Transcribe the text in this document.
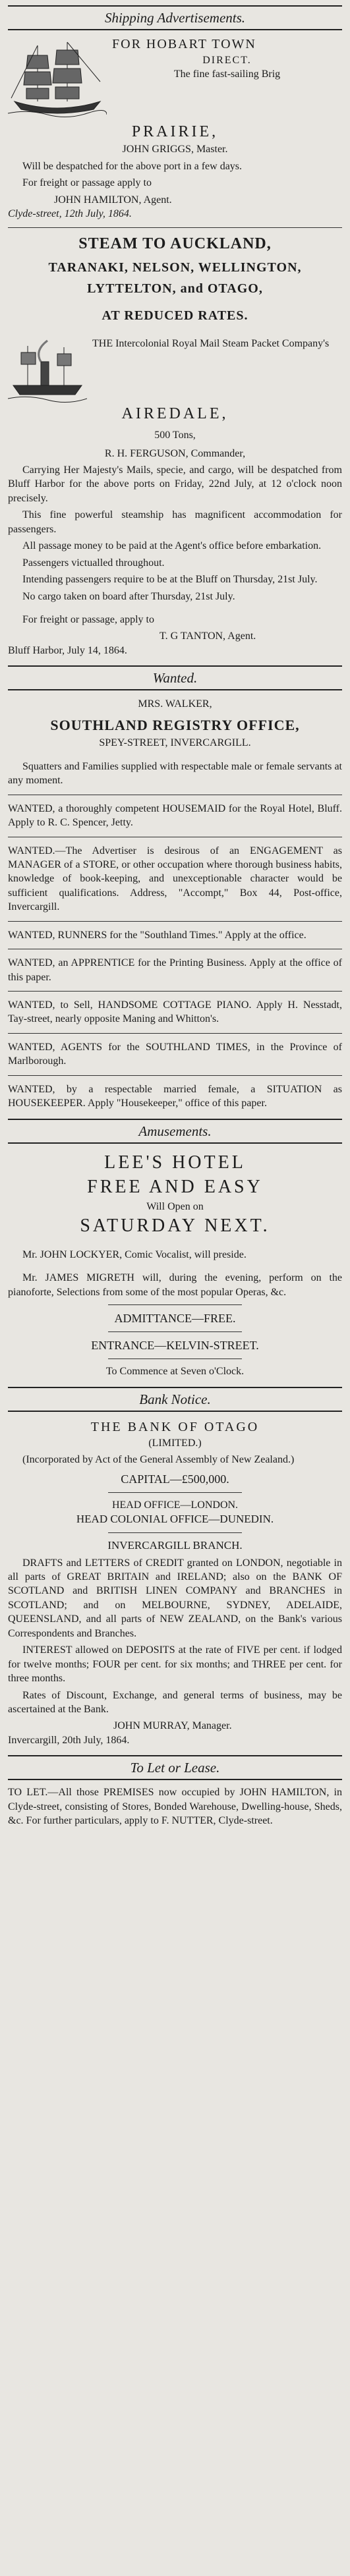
Shipping Advertisements.
FOR HOBART TOWN
DIRECT.
The fine fast-sailing Brig
PRAIRIE,
JOHN GRIGGS, Master.
Will be despatched for the above port in a few days.
For freight or passage apply to
JOHN HAMILTON, Agent.
Clyde-street, 12th July, 1864.
STEAM TO AUCKLAND,
TARANAKI, NELSON, WELLINGTON,
LYTTELTON, and OTAGO,
AT REDUCED RATES.
THE Intercolonial Royal Mail Steam Packet Company's
AIREDALE,
500 Tons,
R. H. FERGUSON, Commander,
Carrying Her Majesty's Mails, specie, and cargo, will be despatched from Bluff Harbor for the above ports on Friday, 22nd July, at 12 o'clock noon precisely.
This fine powerful steamship has magnificent accommodation for passengers.
All passage money to be paid at the Agent's office before embarkation.
Passengers victualled throughout.
Intending passengers require to be at the Bluff on Thursday, 21st July.
No cargo taken on board after Thursday, 21st July.
For freight or passage, apply to
T. G TANTON, Agent.
Bluff Harbor, July 14, 1864.
Wanted.
MRS. WALKER,
SOUTHLAND REGISTRY OFFICE,
SPEY-STREET, INVERCARGILL.
Squatters and Families supplied with respectable male or female servants at any moment.
WANTED, a thoroughly competent HOUSEMAID for the Royal Hotel, Bluff. Apply to R. C. Spencer, Jetty.
WANTED.—The Advertiser is desirous of an ENGAGEMENT as MANAGER of a STORE, or other occupation where thorough business habits, knowledge of book-keeping, and unexceptionable character would be sufficient qualifications. Address, "Accompt," Box 44, Post-office, Invercargill.
WANTED, RUNNERS for the "Southland Times." Apply at the office.
WANTED, an APPRENTICE for the Printing Business. Apply at the office of this paper.
WANTED, to Sell, HANDSOME COTTAGE PIANO. Apply H. Nesstadt, Tay-street, nearly opposite Maning and Whitton's.
WANTED, AGENTS for the SOUTHLAND TIMES, in the Province of Marlborough.
WANTED, by a respectable married female, a SITUATION as HOUSEKEEPER. Apply "Housekeeper," office of this paper.
Amusements.
LEE'S HOTEL
FREE AND EASY
Will Open on
SATURDAY NEXT.
Mr. JOHN LOCKYER, Comic Vocalist, will preside.
Mr. JAMES MIGRETH will, during the evening, perform on the pianoforte, Selections from some of the most popular Operas, &c.
ADMITTANCE—FREE.
ENTRANCE—KELVIN-STREET.
To Commence at Seven o'Clock.
Bank Notice.
THE BANK OF OTAGO
(LIMITED.)
(Incorporated by Act of the General Assembly of New Zealand.)
CAPITAL—£500,000.
HEAD OFFICE—LONDON.
HEAD COLONIAL OFFICE—DUNEDIN.
INVERCARGILL BRANCH.
DRAFTS and LETTERS of CREDIT granted on LONDON, negotiable in all parts of GREAT BRITAIN and IRELAND; also on the BANK OF SCOTLAND and BRITISH LINEN COMPANY and BRANCHES in SCOTLAND; and on MELBOURNE, SYDNEY, ADELAIDE, QUEENSLAND, and all parts of NEW ZEALAND, on the Bank's various Correspondents and Branches.
INTEREST allowed on DEPOSITS at the rate of FIVE per cent. if lodged for twelve months; FOUR per cent. for six months; and THREE per cent. for three months.
Rates of Discount, Exchange, and general terms of business, may be ascertained at the Bank.
JOHN MURRAY, Manager.
Invercargill, 20th July, 1864.
To Let or Lease.
TO LET.—All those PREMISES now occupied by JOHN HAMILTON, in Clyde-street, consisting of Stores, Bonded Warehouse, Dwelling-house, Sheds, &c. For further particulars, apply to F. NUTTER, Clyde-street.
